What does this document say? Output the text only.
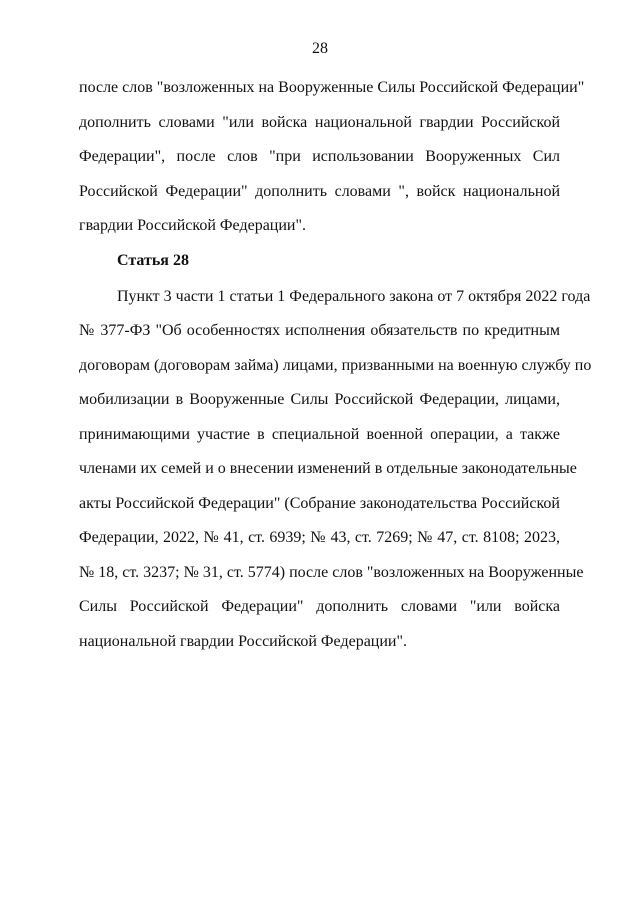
28
после слов "возложенных на Вооруженные Силы Российской Федерации"
дополнить словами "или войска национальной гвардии Российской
Федерации", после слов "при использовании Вооруженных Сил
Российской Федерации" дополнить словами ", войск национальной
гвардии Российской Федерации".
Статья 28
Пункт 3 части 1 статьи 1 Федерального закона от 7 октября 2022 года
№ 377-ФЗ "Об особенностях исполнения обязательств по кредитным
договорам (договорам займа) лицами, призванными на военную службу по
мобилизации в Вооруженные Силы Российской Федерации, лицами,
принимающими участие в специальной военной операции, а также
членами их семей и о внесении изменений в отдельные законодательные
акты Российской Федерации" (Собрание законодательства Российской
Федерации, 2022, № 41, ст. 6939; № 43, ст. 7269; № 47, ст. 8108; 2023,
№ 18, ст. 3237; № 31, ст. 5774) после слов "возложенных на Вооруженные
Силы Российской Федерации" дополнить словами "или войска
национальной гвардии Российской Федерации".
